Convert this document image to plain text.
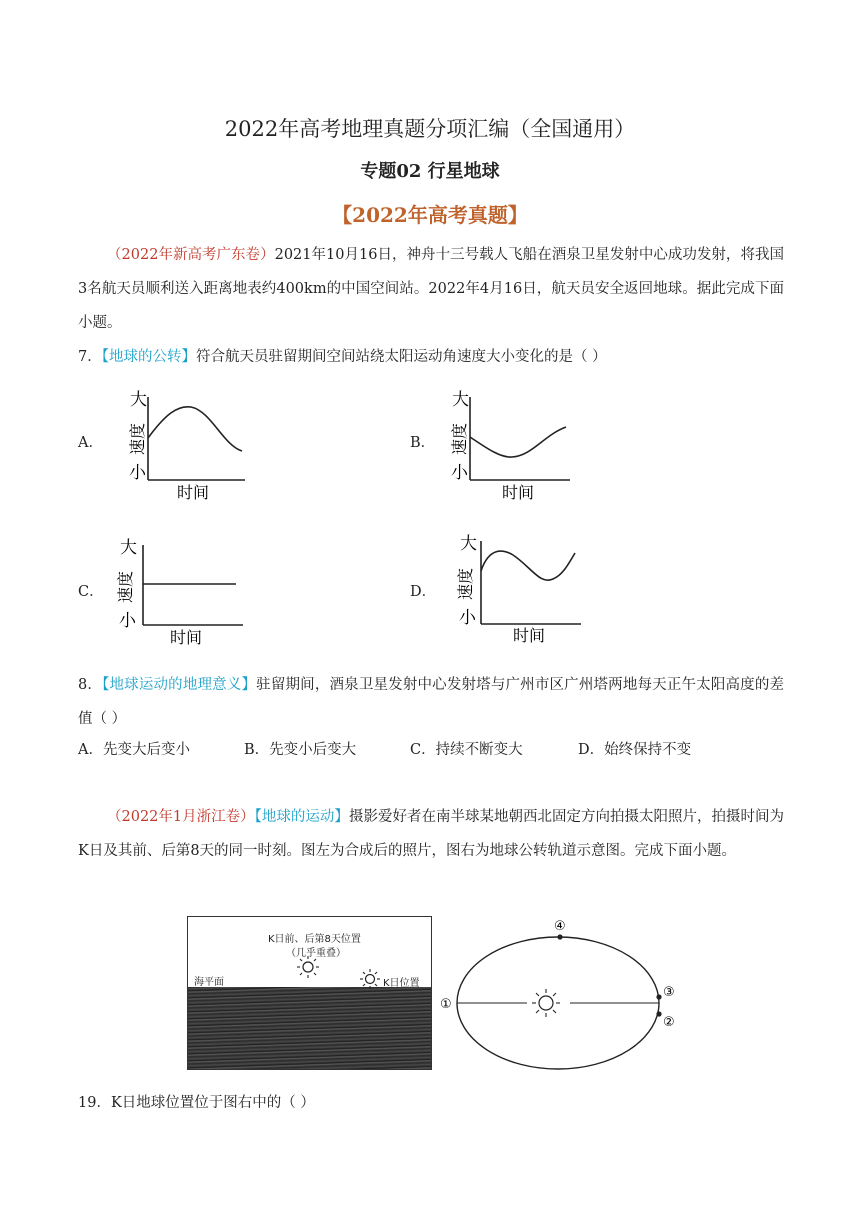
2022年高考地理真题分项汇编（全国通用）
专题02 行星地球
【2022年高考真题】
（2022年新高考广东卷）2021年10月16日，神舟十三号载人飞船在酒泉卫星发射中心成功发射，将我国3名航天员顺利送入距离地表约400km的中国空间站。2022年4月16日，航天员安全返回地球。据此完成下面小题。
7．【地球的公转】符合航天员驻留期间空间站绕太阳运动角速度大小变化的是（ ）
A．	B．
C．	D．
大
小
速度
时间
大
小
速度
时间
大
小
速度
时间
大
小
速度
时间
8．【地球运动的地理意义】驻留期间，酒泉卫星发射中心发射塔与广州市区广州塔两地每天正午太阳高度的差值（ ）
A．先变大后变小	B．先变小后变大	C．持续不断变大	D．始终保持不变
（2022年1月浙江卷）【地球的运动】摄影爱好者在南半球某地朝西北固定方向拍摄太阳照片，拍摄时间为K日及其前、后第8天的同一时刻。图左为合成后的照片，图右为地球公转轨道示意图。完成下面小题。
K日前、后第8天位置
（几乎重叠）
海平面	K日位置
①
②
③
④
19．K日地球位置位于图右中的（ ）
